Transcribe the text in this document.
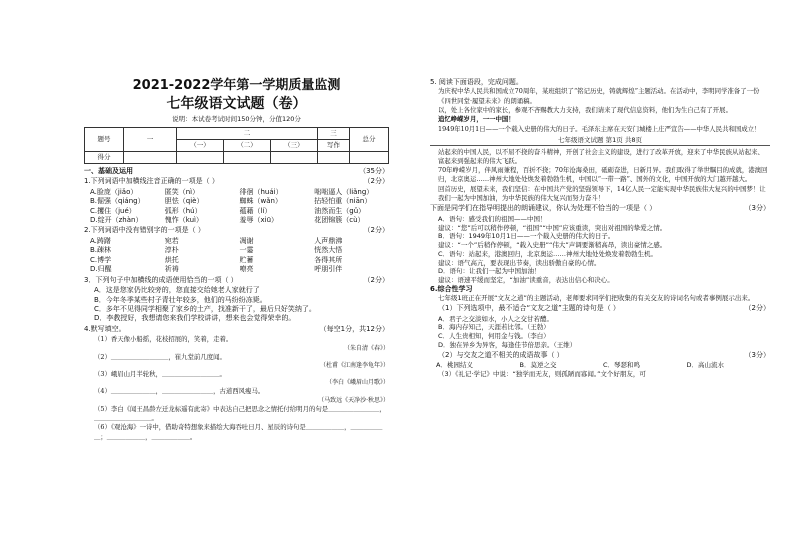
2021-2022学年第一学期质量监测
七年级语文试题（卷）
说明：本试卷考试时间150分钟，分值120分
题号	一	二			三	总分
		（一）	（二）	（三）	写作	
得分						
一、基础及运用	（35分）
1.下列词语中加横线注音正确的一项是（ ）	（2分）
A.脸庞（jiǎo）	匿笑（nì）	徘徊（huái）	咄咄逼人（liǎng）
B.倔强（qiáng）	胆怯（qiè）	蜘蛛（wǎn）	拈轻怕重（niān）
C.攫住（jué）	弧形（hú）	蕴藉（lí）	油然而生（gǔ）
D.绽开（zhàn）	愧怍（kuì）	羞辱（xiū）	花团锦簇（cù）
2.下列词语中没有错别字的一项是（ ）	（2分）
A.踌躇	宛若	凋谢	人声鼎沸
B.疎林	淳朴	一霎	恍然大悟
C.博学	烘托	贮蓄	各得其所
D.归醒	祈祷	嘹亮	呼朋引伴
3．下列句子中加横线的成语使用恰当的一项（ ）	（2分）
A．这是您家仍比较旁的，您直接交给她老人家就行了
B．今年冬季某些村子青壮年较多，他们的马纷纷冻毙。
C．多年不见得同学相聚了家乡的土产，找准新干了，最后只好笑纳了。
D．李教授好，我想请您来我们学校讲讲，想来也会觉得荣幸的。
4.默写填空。	（每空1分，共12分）
（1）香天像小船摇，花枝招展的，笑着，走着。
（朱自清《春》）
（2）＿＿＿＿＿＿＿＿＿，崔九堂前几度闻。
（杜甫《江南逢李龟年》）
（3）峨眉山月半轮秋，＿＿＿＿＿＿＿＿＿。
（李白《峨眉山月歌》）
（4）＿＿＿＿＿＿＿，＿＿＿＿＿＿＿＿，古道西风瘦马。
（马致远《天净沙·秋思》）
（5）李白《闻王昌龄左迁龙标遥有此寄》中表达自己把思念之情托付给明月的句是＿＿＿＿＿＿＿＿，＿＿＿＿＿＿＿＿＿。
（6）《观沧海》一诗中，借助奇特想象来描绘大海吞吐日月、星辰的诗句是＿＿＿＿＿＿，＿＿＿＿＿＿；＿＿＿＿＿＿，＿＿＿＿＿＿。
5. 阅读下面语段，完成问题。
为庆祝中华人民共和国成立70周年，某班组织了“铭记历史，铸就辉煌”主题活动。在活动中，李明同学准备了一份《四世同堂·履望未来》的朗诵稿。
以，处上各位家中的家长，参观不吝赐教大力支持，我们请来了现代信息资料，他们为生自己有了开展。
追忆峥嵘岁月，一一中国！
1949年10月1日——一个载入史册的伟大的日子。毛泽东主席在天安门城楼上庄严宣告——中华人民共和国成立！
七年级语文试题 第1页 共8页
站起来的中国人民，以不屈不挠的奋斗精神，开创了社会主义的建设，进行了改革开放，迎来了中华民族从站起来、富起来到强起来的伟大飞跃。
70年峥嵘岁月，伴风雨兼程，百折不挠；70年沧海桑田，砥砺奋进，日新月异。我们取得了举世瞩目的成就，港澳回归，北京奥运……神州大地处处焕发着勃勃生机，中国以“一带一路”、国外的文化，中国开放的大门越开越大。
回首历史，展望未来，我们坚信：在中国共产党的坚强领导下，14亿人民一定能实现中华民族伟大复兴的中国梦！让我们一起为中国加油，为中华民族的伟大复兴而努力奋斗！
下面是同学们在指导明提出的朗诵建议，你认为处理不恰当的一项是（ ）	（3分）
A．语句：感受我们的祖国——中国！
建议：“您”后可以稍作停顿，“祖国”“中国”应该重读，突出对祖国的挚爱之情。
B．语句：1949年10月1日——一个载入史册的伟大的日子。
建议：“一个”后稍作停顿，“载入史册”“伟大”声调要渐稍高昂，读出豪情之感。
C．语句：站起来，港澳回归，北京奥运……神州大地处处焕发着勃勃生机。
建议：语气高亢，要表现出节奏，读出骄傲自豪的心情。
D．语句：让我们一起为中国加油！
建议：语速平缓而坚定，“加油”读重音，表达出信心和决心。
6.综合性学习
七年级1班正在开展“文友之道”的主题活动，老师要求同学们把收集的有关交友的诗词名句或者事例展示出来。
（1）下列选项中，最不适合“文友之道”主题的诗句是（ ）	（2分）
A．君子之交淡如水，小人之交甘若醴。
B．海内存知己，天涯若比邻。（王勃）
C．人生贵相知，何用金与钱。（李白）
D．独在异乡为异客，每逢佳节倍思亲。（王维）
（2）与交友之道不相关的成语故事（ ）	（3分）
A．桃园结义	B．莫逆之交	C．琴瑟和鸣	D．高山流水
（3）《礼记·学记》中说：“独学而无友，则孤陋而寡闻。”文个好朋友，可
